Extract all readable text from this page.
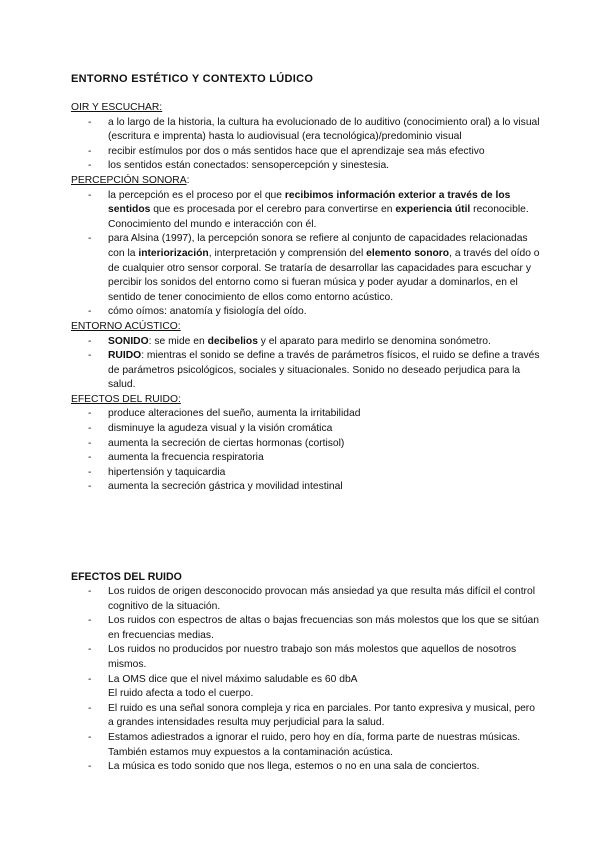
ENTORNO ESTÉTICO Y CONTEXTO LÚDICO
OIR Y ESCUCHAR:
- a lo largo de la historia, la cultura ha evolucionado de lo auditivo (conocimiento oral) a lo visual (escritura e imprenta) hasta lo audiovisual (era tecnológica)/predominio visual
- recibir estímulos por dos o más sentidos hace que el aprendizaje sea más efectivo
- los sentidos están conectados: sensopercepción y sinestesia.
PERCEPCIÓN SONORA:
- la percepción es el proceso por el que recibimos información exterior a través de los sentidos que es procesada por el cerebro para convertirse en experiencia útil reconocible. Conocimiento del mundo e interacción con él.
- para Alsina (1997), la percepción sonora se refiere al conjunto de capacidades relacionadas con la interiorización, interpretación y comprensión del elemento sonoro, a través del oído o de cualquier otro sensor corporal. Se trataría de desarrollar las capacidades para escuchar y percibir los sonidos del entorno como si fueran música y poder ayudar a dominarlos, en el sentido de tener conocimiento de ellos como entorno acústico.
- cómo oímos: anatomía y fisiología del oído.
ENTORNO ACÚSTICO:
- SONIDO: se mide en decibelios y el aparato para medirlo se denomina sonómetro.
- RUIDO: mientras el sonido se define a través de parámetros físicos, el ruido se define a través de parámetros psicológicos, sociales y situacionales. Sonido no deseado perjudica para la salud.
EFECTOS DEL RUIDO:
- produce alteraciones del sueño, aumenta la irritabilidad
- disminuye la agudeza visual y la visión cromática
- aumenta la secreción de ciertas hormonas (cortisol)
- aumenta la frecuencia respiratoria
- hipertensión y taquicardia
- aumenta la secreción gástrica y movilidad intestinal
EFECTOS DEL RUIDO
- Los ruidos de origen desconocido provocan más ansiedad ya que resulta más difícil el control cognitivo de la situación.
- Los ruidos con espectros de altas o bajas frecuencias son más molestos que los que se sitúan en frecuencias medias.
- Los ruidos no producidos por nuestro trabajo son más molestos que aquellos de nosotros mismos.
- La OMS dice que el nivel máximo saludable es 60 dbA
El ruido afecta a todo el cuerpo.
- El ruido es una señal sonora compleja y rica en parciales. Por tanto expresiva y musical, pero a grandes intensidades resulta muy perjudicial para la salud.
- Estamos adiestrados a ignorar el ruido, pero hoy en día, forma parte de nuestras músicas. También estamos muy expuestos a la contaminación acústica.
- La música es todo sonido que nos llega, estemos o no en una sala de conciertos.
